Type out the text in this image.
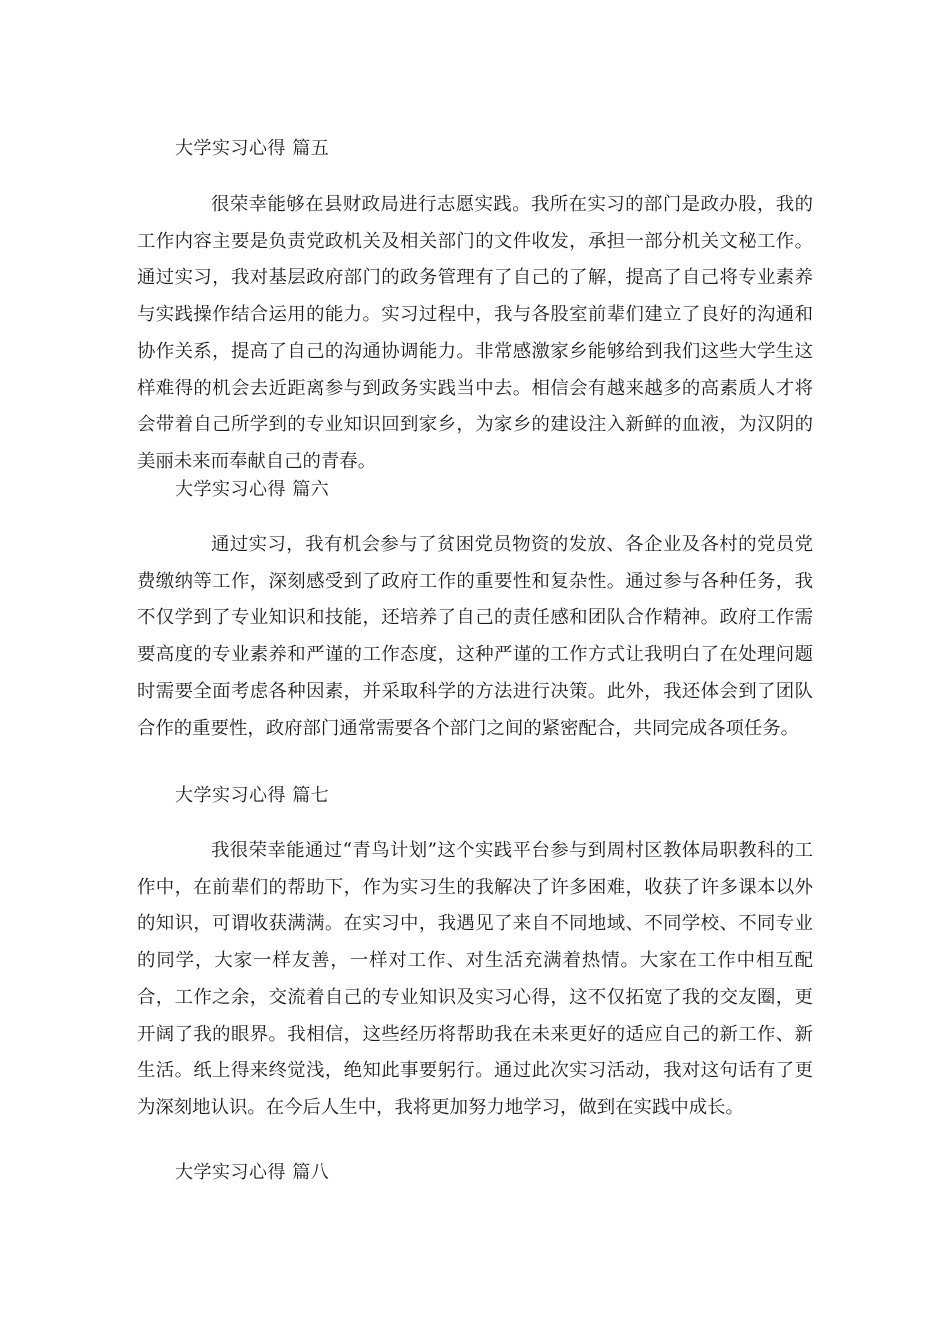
大学实习心得 篇五

很荣幸能够在县财政局进行志愿实践。我所在实习的部门是政办股，我的工作内容主要是负责党政机关及相关部门的文件收发，承担一部分机关文秘工作。通过实习，我对基层政府部门的政务管理有了自己的了解，提高了自己将专业素养与实践操作结合运用的能力。实习过程中，我与各股室前辈们建立了良好的沟通和协作关系，提高了自己的沟通协调能力。非常感激家乡能够给到我们这些大学生这样难得的机会去近距离参与到政务实践当中去。相信会有越来越多的高素质人才将会带着自己所学到的专业知识回到家乡，为家乡的建设注入新鲜的血液，为汉阴的美丽未来而奉献自己的青春。

大学实习心得 篇六

通过实习，我有机会参与了贫困党员物资的发放、各企业及各村的党员党费缴纳等工作，深刻感受到了政府工作的重要性和复杂性。通过参与各种任务，我不仅学到了专业知识和技能，还培养了自己的责任感和团队合作精神。政府工作需要高度的专业素养和严谨的工作态度，这种严谨的工作方式让我明白了在处理问题时需要全面考虑各种因素，并采取科学的方法进行决策。此外，我还体会到了团队合作的重要性，政府部门通常需要各个部门之间的紧密配合，共同完成各项任务。

大学实习心得 篇七

我很荣幸能通过“青鸟计划”这个实践平台参与到周村区教体局职教科的工作中，在前辈们的帮助下，作为实习生的我解决了许多困难，收获了许多课本以外的知识，可谓收获满满。在实习中，我遇见了来自不同地域、不同学校、不同专业的同学，大家一样友善，一样对工作、对生活充满着热情。大家在工作中相互配合，工作之余，交流着自己的专业知识及实习心得，这不仅拓宽了我的交友圈，更开阔了我的眼界。我相信，这些经历将帮助我在未来更好的适应自己的新工作、新生活。纸上得来终觉浅，绝知此事要躬行。通过此次实习活动，我对这句话有了更为深刻地认识。在今后人生中，我将更加努力地学习，做到在实践中成长。

大学实习心得 篇八
